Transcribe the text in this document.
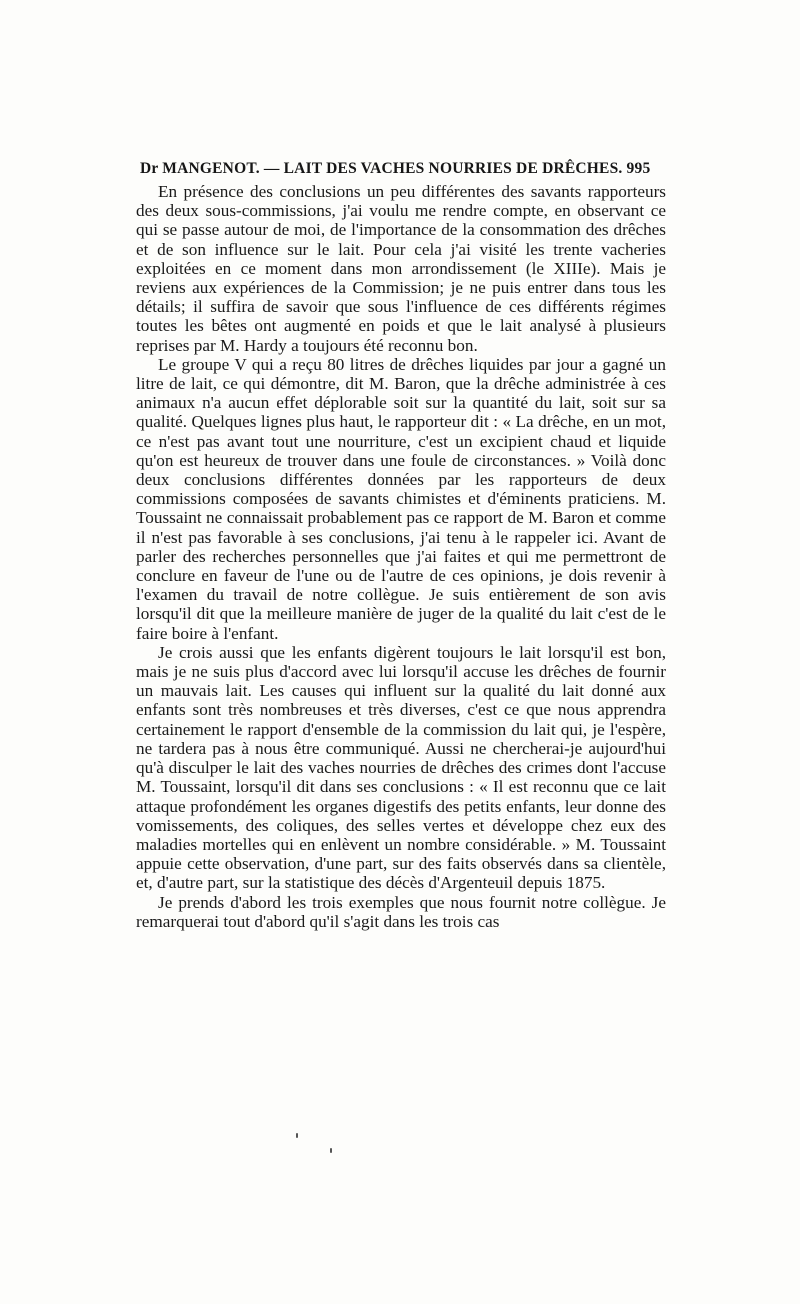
Dr MANGENOT. — LAIT DES VACHES NOURRIES DE DRÊCHES. 995

En présence des conclusions un peu différentes des savants rapporteurs des deux sous-commissions, j'ai voulu me rendre compte, en observant ce qui se passe autour de moi, de l'importance de la consommation des drêches et de son influence sur le lait. Pour cela j'ai visité les trente vacheries exploitées en ce moment dans mon arrondissement (le XIIIe). Mais je reviens aux expériences de la Commission; je ne puis entrer dans tous les détails; il suffira de savoir que sous l'influence de ces différents régimes toutes les bêtes ont augmenté en poids et que le lait analysé à plusieurs reprises par M. Hardy a toujours été reconnu bon.

Le groupe V qui a reçu 80 litres de drêches liquides par jour a gagné un litre de lait, ce qui démontre, dit M. Baron, que la drêche administrée à ces animaux n'a aucun effet déplorable soit sur la quantité du lait, soit sur sa qualité. Quelques lignes plus haut, le rapporteur dit : « La drêche, en un mot, ce n'est pas avant tout une nourriture, c'est un excipient chaud et liquide qu'on est heureux de trouver dans une foule de circonstances. » Voilà donc deux conclusions différentes données par les rapporteurs de deux commissions composées de savants chimistes et d'éminents praticiens. M. Toussaint ne connaissait probablement pas ce rapport de M. Baron et comme il n'est pas favorable à ses conclusions, j'ai tenu à le rappeler ici. Avant de parler des recherches personnelles que j'ai faites et qui me permettront de conclure en faveur de l'une ou de l'autre de ces opinions, je dois revenir à l'examen du travail de notre collègue. Je suis entièrement de son avis lorsqu'il dit que la meilleure manière de juger de la qualité du lait c'est de le faire boire à l'enfant.

Je crois aussi que les enfants digèrent toujours le lait lorsqu'il est bon, mais je ne suis plus d'accord avec lui lorsqu'il accuse les drêches de fournir un mauvais lait. Les causes qui influent sur la qualité du lait donné aux enfants sont très nombreuses et très diverses, c'est ce que nous apprendra certainement le rapport d'ensemble de la commission du lait qui, je l'espère, ne tardera pas à nous être communiqué. Aussi ne chercherai-je aujourd'hui qu'à disculper le lait des vaches nourries de drêches des crimes dont l'accuse M. Toussaint, lorsqu'il dit dans ses conclusions : « Il est reconnu que ce lait attaque profondément les organes digestifs des petits enfants, leur donne des vomissements, des coliques, des selles vertes et développe chez eux des maladies mortelles qui en enlèvent un nombre considérable. » M. Toussaint appuie cette observation, d'une part, sur des faits observés dans sa clientèle, et, d'autre part, sur la statistique des décès d'Argenteuil depuis 1875.

Je prends d'abord les trois exemples que nous fournit notre collègue. Je remarquerai tout d'abord qu'il s'agit dans les trois cas
